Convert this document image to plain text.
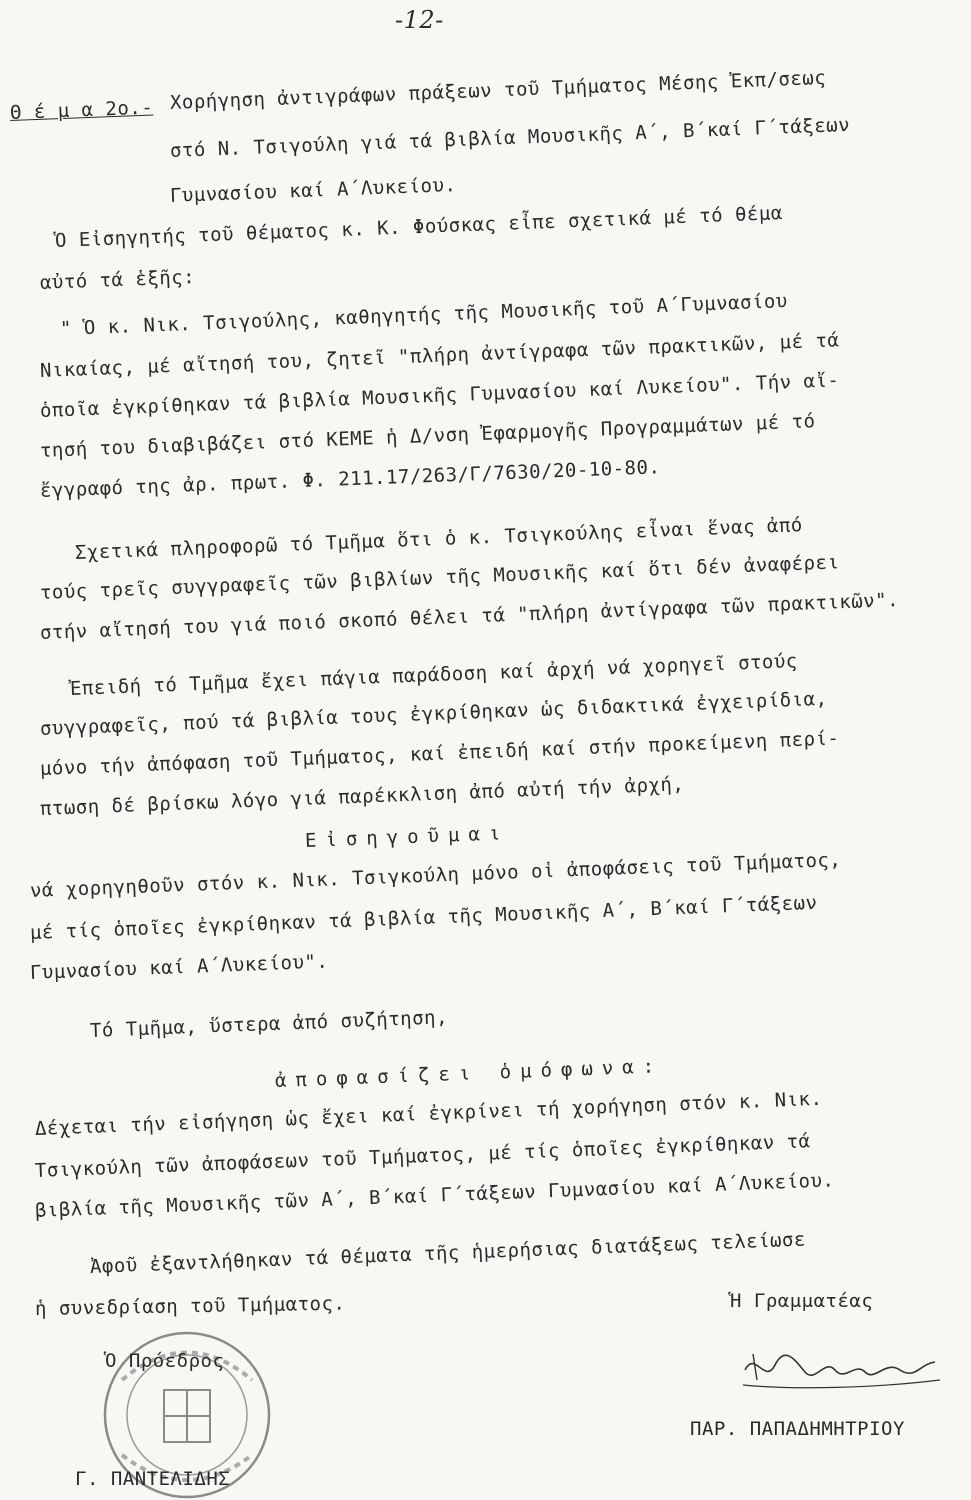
-12-
Θ έ μ α 2ο.- Χορήγηση ἀντιγράφων πράξεων τοῦ Τμήματος Μέσης Ἐκπ/σεως
στό Ν. Τσιγούλη γιά τά βιβλία Μουσικῆς Α΄, Β΄καί Γ΄τάξεων
Γυμνασίου καί Α΄Λυκείου.
Ὁ Εἰσηγητής τοῦ θέματος κ. Κ. Φούσκας εἶπε σχετικά μέ τό θέμα
αὐτό τά ἑξῆς:
" Ὁ κ. Νικ. Τσιγούλης, καθηγητής τῆς Μουσικῆς τοῦ Α΄Γυμνασίου
Νικαίας, μέ αἴτησή του, ζητεῖ "πλήρη ἀντίγραφα τῶν πρακτικῶν, μέ τά
ὁποῖα ἐγκρίθηκαν τά βιβλία Μουσικῆς Γυμνασίου καί Λυκείου". Τήν αἴ-
τησή του διαβιβάζει στό ΚΕΜΕ ἡ Δ/νση Ἐφαρμογῆς Προγραμμάτων μέ τό
ἔγγραφό της ἀρ. πρωτ. Φ. 211.17/263/Γ/7630/20-10-80.
Σχετικά πληροφορῶ τό Τμῆμα ὅτι ὁ κ. Τσιγκούλης εἶναι ἕνας ἀπό
τούς τρεῖς συγγραφεῖς τῶν βιβλίων τῆς Μουσικῆς καί ὅτι δέν ἀναφέρει
στήν αἴτησή του γιά ποιό σκοπό θέλει τά "πλήρη ἀντίγραφα τῶν πρακτικῶν".
Ἐπειδή τό Τμῆμα ἔχει πάγια παράδοση καί ἀρχή νά χορηγεῖ στούς
συγγραφεῖς, πού τά βιβλία τους ἐγκρίθηκαν ὡς διδακτικά ἐγχειρίδια,
μόνο τήν ἀπόφαση τοῦ Τμήματος, καί ἐπειδή καί στήν προκείμενη περί-
πτωση δέ βρίσκω λόγο γιά παρέκκλιση ἀπό αὐτή τήν ἀρχή,
Εἰσηγοῦμαι
νά χορηγηθοῦν στόν κ. Νικ. Τσιγκούλη μόνο οἱ ἀποφάσεις τοῦ Τμήματος,
μέ τίς ὁποῖες ἐγκρίθηκαν τά βιβλία τῆς Μουσικῆς Α΄, Β΄καί Γ΄τάξεων
Γυμνασίου καί Α΄Λυκείου".
Τό Τμῆμα, ὕστερα ἀπό συζήτηση,
ἀποφασίζει ὁμόφωνα:
Δέχεται τήν εἰσήγηση ὡς ἔχει καί ἐγκρίνει τή χορήγηση στόν κ. Νικ.
Τσιγκούλη τῶν ἀποφάσεων τοῦ Τμήματος, μέ τίς ὁποῖες ἐγκρίθηκαν τά
βιβλία τῆς Μουσικῆς τῶν Α΄, Β΄καί Γ΄τάξεων Γυμνασίου καί Α΄Λυκείου.
Ἀφοῦ ἐξαντλήθηκαν τά θέματα τῆς ἡμερήσιας διατάξεως τελείωσε
ἡ συνεδρίαση τοῦ Τμήματος.	Ἡ Γραμματέας
ΠΑΡ. ΠΑΠΑΔΗΜΗΤΡΙΟΥ
Ὁ Πρόεδρος
Γ. ΠΑΝΤΕΛΙΔΗΣ
